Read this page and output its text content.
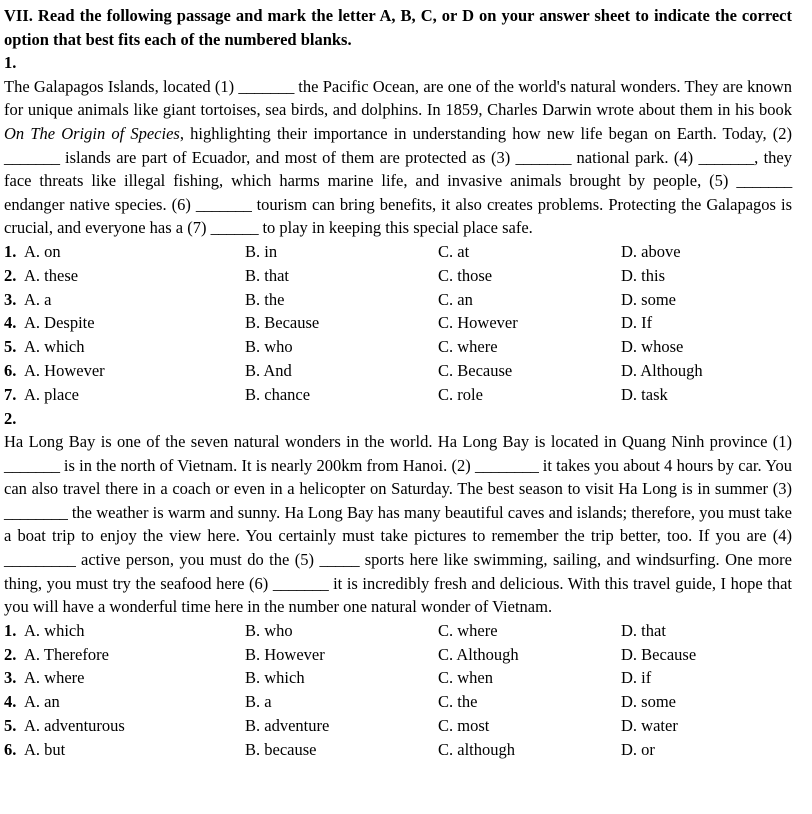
VII. Read the following passage and mark the letter A, B, C, or D on your answer sheet to indicate the correct option that best fits each of the numbered blanks.

1.

The Galapagos Islands, located (1) _______ the Pacific Ocean, are one of the world's natural wonders. They are known for unique animals like giant tortoises, sea birds, and dolphins. In 1859, Charles Darwin wrote about them in his book On The Origin of Species, highlighting their importance in understanding how new life began on Earth. Today, (2) _______ islands are part of Ecuador, and most of them are protected as (3) _______ national park. (4) _______, they face threats like illegal fishing, which harms marine life, and invasive animals brought by people, (5) _______ endanger native species. (6) _______ tourism can bring benefits, it also creates problems. Protecting the Galapagos is crucial, and everyone has a (7) ______ to play in keeping this special place safe.

1. A. on	B. in	C. at	D. above
2. A. these	B. that	C. those	D. this
3. A. a	B. the	C. an	D. some
4. A. Despite	B. Because	C. However	D. If
5. A. which	B. who	C. where	D. whose
6. A. However	B. And	C. Because	D. Although
7. A. place	B. chance	C. role	D. task

2.

Ha Long Bay is one of the seven natural wonders in the world. Ha Long Bay is located in Quang Ninh province (1) _______ is in the north of Vietnam. It is nearly 200km from Hanoi. (2) ________ it takes you about 4 hours by car. You can also travel there in a coach or even in a helicopter on Saturday. The best season to visit Ha Long is in summer (3) ________ the weather is warm and sunny. Ha Long Bay has many beautiful caves and islands; therefore, you must take a boat trip to enjoy the view here. You certainly must take pictures to remember the trip better, too. If you are (4) _________ active person, you must do the (5) _____ sports here like swimming, sailing, and windsurfing. One more thing, you must try the seafood here (6) _______ it is incredibly fresh and delicious. With this travel guide, I hope that you will have a wonderful time here in the number one natural wonder of Vietnam.

1. A. which	B. who	C. where	D. that
2. A. Therefore	B. However	C. Although	D. Because
3. A. where	B. which	C. when	D. if
4. A. an	B. a	C. the	D. some
5. A. adventurous	B. adventure	C. most	D. water
6. A. but	B. because	C. although	D. or
